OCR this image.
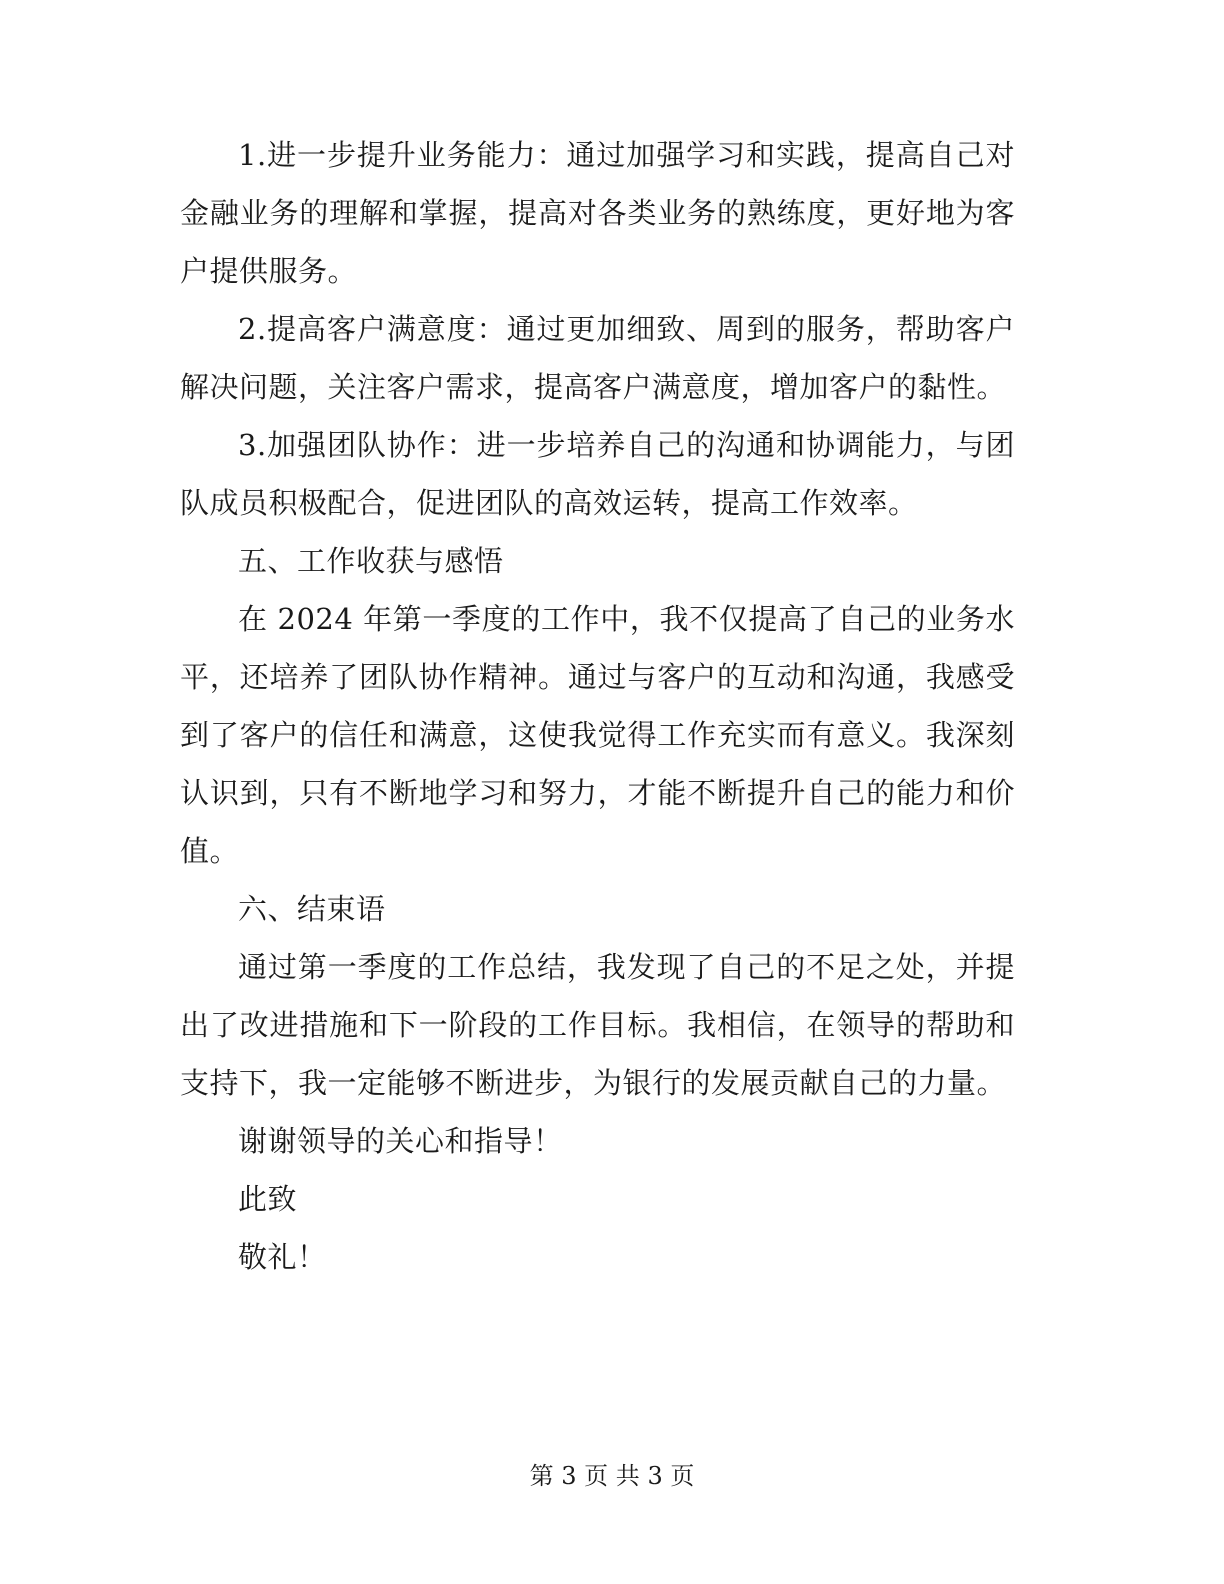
1.进一步提升业务能力：通过加强学习和实践，提高自己对金融业务的理解和掌握，提高对各类业务的熟练度，更好地为客户提供服务。

2.提高客户满意度：通过更加细致、周到的服务，帮助客户解决问题，关注客户需求，提高客户满意度，增加客户的黏性。

3.加强团队协作：进一步培养自己的沟通和协调能力，与团队成员积极配合，促进团队的高效运转，提高工作效率。

五、工作收获与感悟

在 2024 年第一季度的工作中，我不仅提高了自己的业务水平，还培养了团队协作精神。通过与客户的互动和沟通，我感受到了客户的信任和满意，这使我觉得工作充实而有意义。我深刻认识到，只有不断地学习和努力，才能不断提升自己的能力和价值。

六、结束语

通过第一季度的工作总结，我发现了自己的不足之处，并提出了改进措施和下一阶段的工作目标。我相信，在领导的帮助和支持下，我一定能够不断进步，为银行的发展贡献自己的力量。

谢谢领导的关心和指导！

此致

敬礼！

第 3 页 共 3 页
